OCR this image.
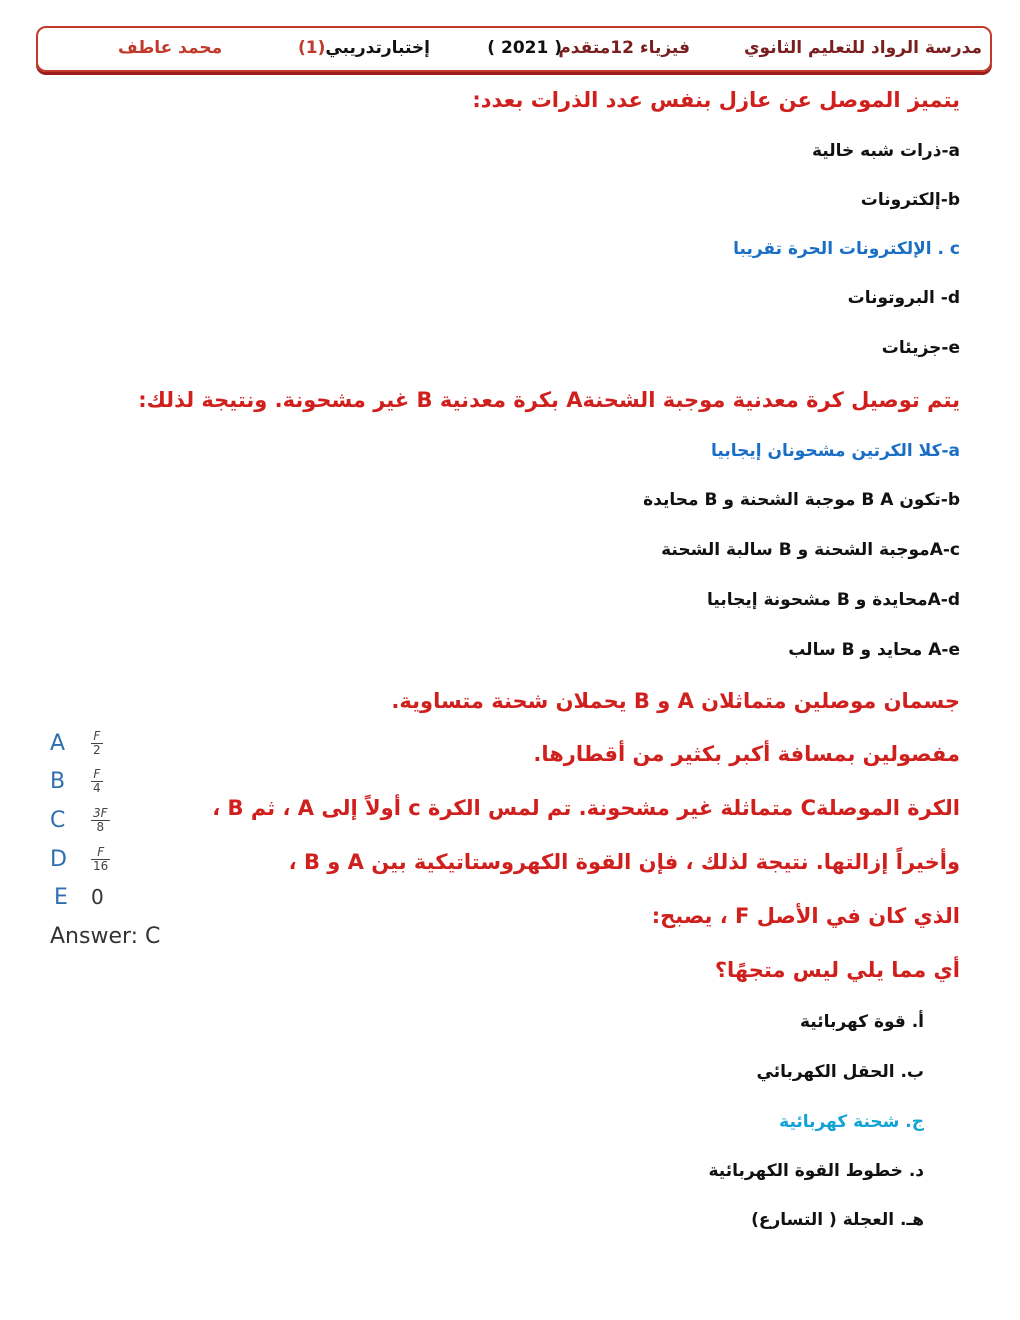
مدرسة الرواد للتعليم الثانوي
فيزياء 12متقدم
( 2021 )
إختبارتدريبي(1)
محمد عاطف
يتميز الموصل عن عازل بنفس عدد الذرات بعدد:
a-ذرات شبه خالية
b-إلكترونات
c . الإلكترونات الحرة تقريبا
d- البروتونات
e-جزيئات
يتم توصيل كرة معدنية موجبة الشحنةA بكرة معدنية B غير مشحونة. ونتيجة لذلك:
a-كلا الكرتين مشحونان إيجابيا
b-تكون B A موجبة الشحنة و B محايدة
A-cموجبة الشحنة و B سالبة الشحنة
A-dمحايدة و B مشحونة إيجابيا
A-e محايد و B سالب
جسمان موصلين متماثلان A و B يحملان شحنة متساوية.
مفصولين بمسافة أكبر بكثير من أقطارها.
الكرة الموصلةC متماثلة غير مشحونة. تم لمس الكرة c أولاً إلى A ، ثم B ،
وأخيراً إزالتها. نتيجة لذلك ، فإن القوة الكهروستاتيكية بين A و B ،
الذي كان في الأصل F ، يصبح:
A $\frac{F}{2}$
B $\frac{F}{4}$
C $\frac{3F}{8}$
D $\frac{F}{16}$
E 0
Answer: C
أي مما يلي ليس متجهًا؟
أ. قوة كهربائية
ب. الحقل الكهربائي
ج. شحنة كهربائية
د. خطوط القوة الكهربائية
هـ. العجلة ( التسارع)
